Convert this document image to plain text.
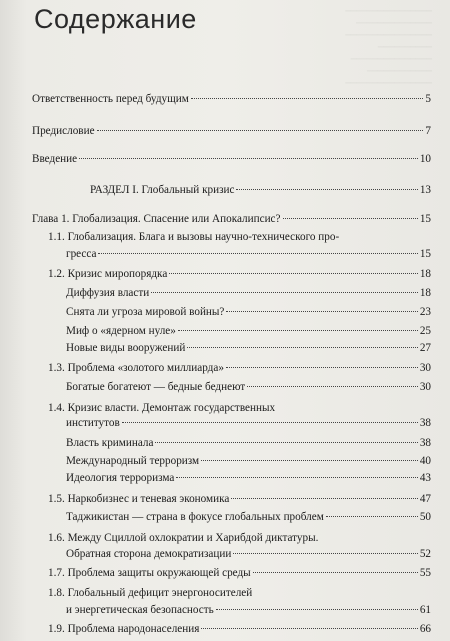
────────────────
──────────────
────────────────
──────────
───────────────
────────────
────────────────
Содержание
Ответственность перед будущим	5
Предисловие	7
Введение	10
РАЗДЕЛ I. Глобальный кризис	13
Глава 1. Глобализация. Спасение или Апокалипсис?	15
1.1. Глобализация. Блага и вызовы научно-технического про-
гресса	15
1.2. Кризис миропорядка	18
Диффузия власти	18
Снята ли угроза мировой войны?	23
Миф о «ядерном нуле»	25
Новые виды вооружений	27
1.3. Проблема «золотого миллиарда»	30
Богатые богатеют — бедные беднеют	30
1.4. Кризис власти. Демонтаж государственных
институтов	38
Власть криминала	38
Международный терроризм	40
Идеология терроризма	43
1.5. Наркобизнес и теневая экономика	47
Таджикистан — страна в фокусе глобальных проблем	50
1.6. Между Сциллой охлократии и Харибдой диктатуры.
Обратная сторона демократизации	52
1.7. Проблема защиты окружающей среды	55
1.8. Глобальный дефицит энергоносителей
и энергетическая безопасность	61
1.9. Проблема народонаселения	66
